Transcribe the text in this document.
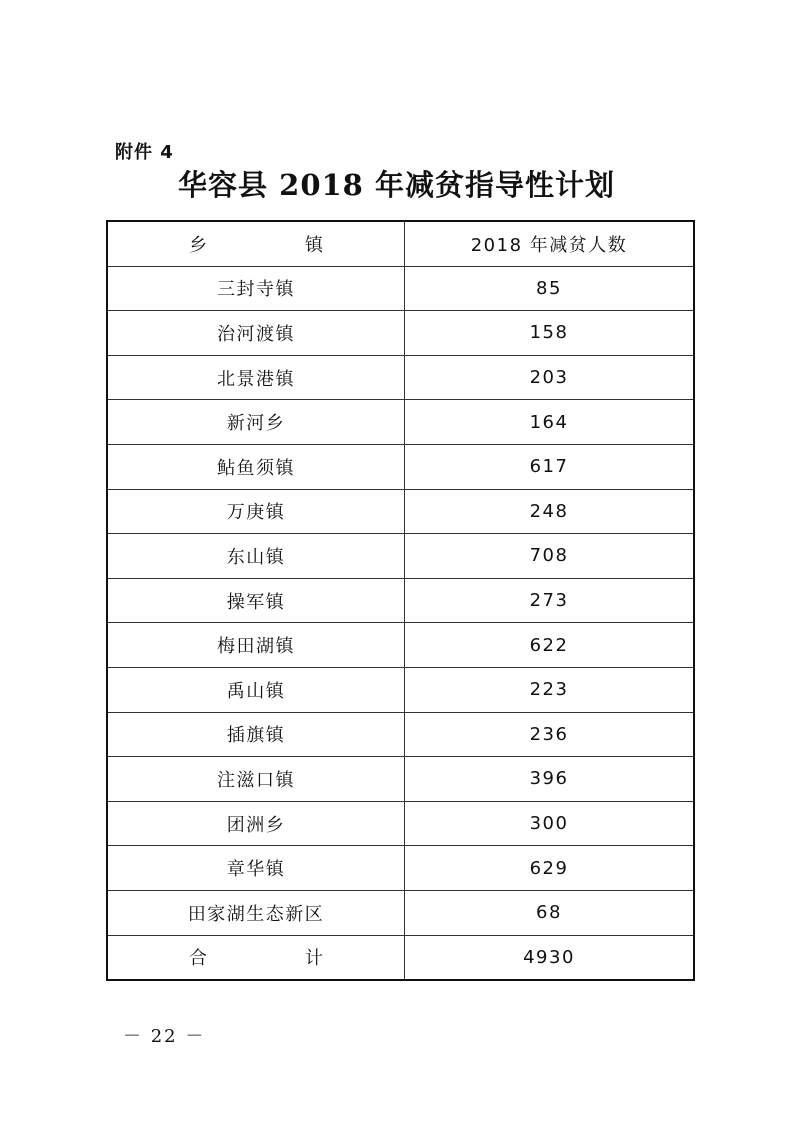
附件 4
华容县 2018 年减贫指导性计划
乡　镇	2018 年减贫人数
三封寺镇	85
治河渡镇	158
北景港镇	203
新河乡	164
鲇鱼须镇	617
万庚镇	248
东山镇	708
操军镇	273
梅田湖镇	622
禹山镇	223
插旗镇	236
注滋口镇	396
团洲乡	300
章华镇	629
田家湖生态新区	68
合　计	4930
－ 22 －
